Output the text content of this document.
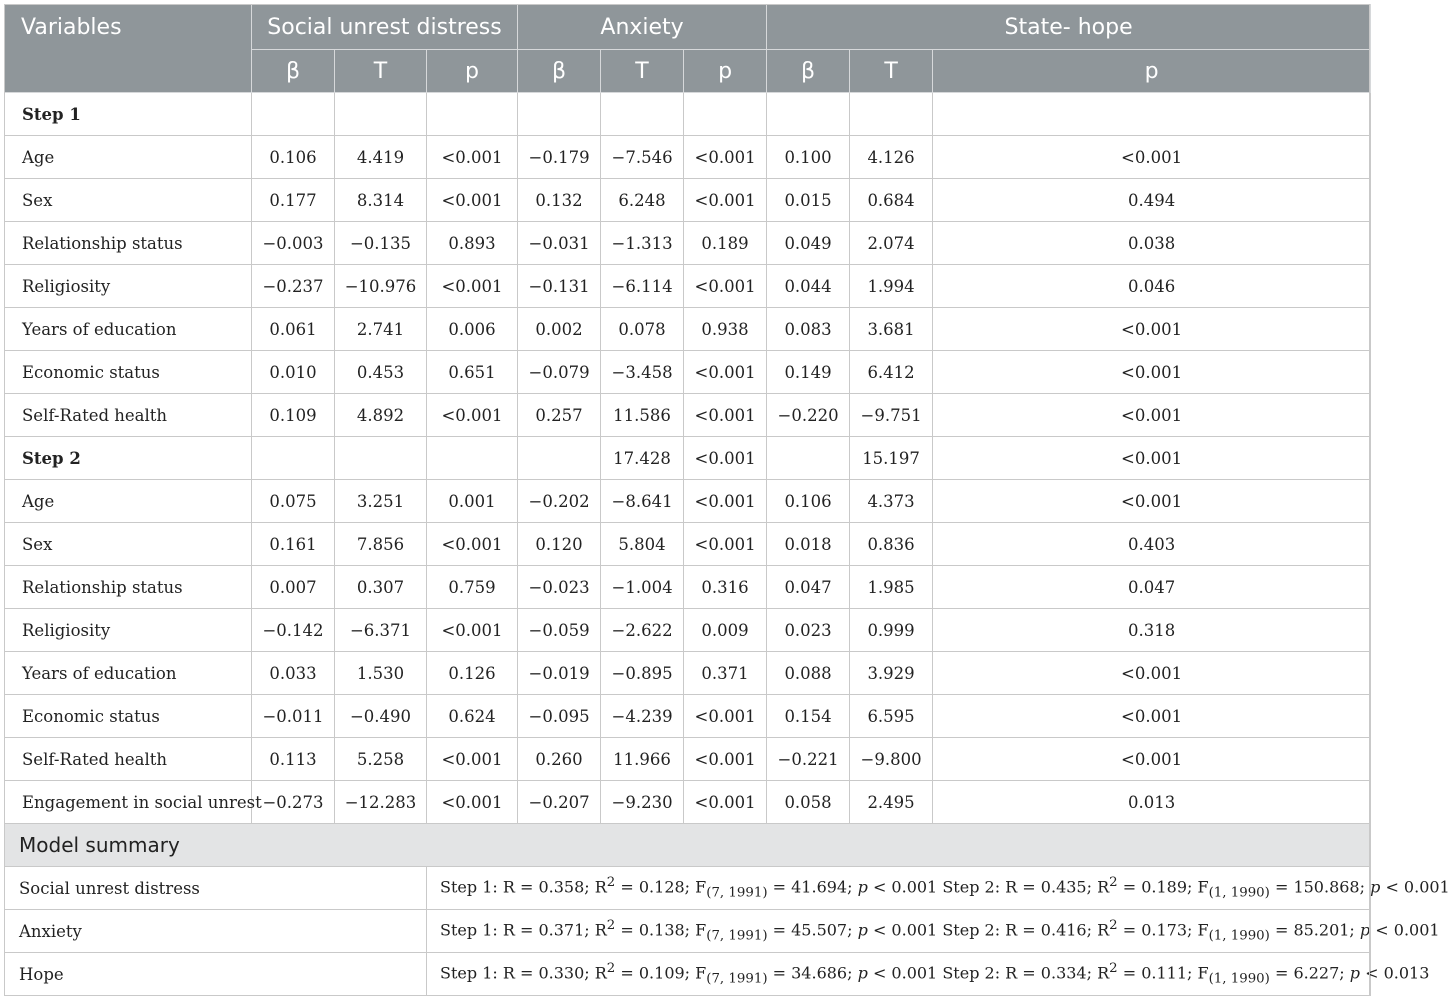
Variables	Social unrest distress			Anxiety			State- hope		
	β	T	p	β	T	p	β	T	p
Step 1									
Age	0.106	4.419	<0.001	−0.179	−7.546	<0.001	0.100	4.126	<0.001
Sex	0.177	8.314	<0.001	0.132	6.248	<0.001	0.015	0.684	0.494
Relationship status	−0.003	−0.135	0.893	−0.031	−1.313	0.189	0.049	2.074	0.038
Religiosity	−0.237	−10.976	<0.001	−0.131	−6.114	<0.001	0.044	1.994	0.046
Years of education	0.061	2.741	0.006	0.002	0.078	0.938	0.083	3.681	<0.001
Economic status	0.010	0.453	0.651	−0.079	−3.458	<0.001	0.149	6.412	<0.001
Self-Rated health	0.109	4.892	<0.001	0.257	11.586	<0.001	−0.220	−9.751	<0.001
Step 2					17.428	<0.001		15.197	<0.001
Age	0.075	3.251	0.001	−0.202	−8.641	<0.001	0.106	4.373	<0.001
Sex	0.161	7.856	<0.001	0.120	5.804	<0.001	0.018	0.836	0.403
Relationship status	0.007	0.307	0.759	−0.023	−1.004	0.316	0.047	1.985	0.047
Religiosity	−0.142	−6.371	<0.001	−0.059	−2.622	0.009	0.023	0.999	0.318
Years of education	0.033	1.530	0.126	−0.019	−0.895	0.371	0.088	3.929	<0.001
Economic status	−0.011	−0.490	0.624	−0.095	−4.239	<0.001	0.154	6.595	<0.001
Self-Rated health	0.113	5.258	<0.001	0.260	11.966	<0.001	−0.221	−9.800	<0.001
Engagement in social unrest	−0.273	−12.283	<0.001	−0.207	−9.230	<0.001	0.058	2.495	0.013
Model summary									
Social unrest distress			Step 1: R = 0.358; $R^2 = 0.128$; $F_{(7, 1991)} = 41.694$; p < 0.001 Step 2: R = 0.435; $R^2 = 0.189$; $F_{(1, 1990)} = 150.868$; p < 0.001						
Anxiety			Step 1: R = 0.371; $R^2 = 0.138$; $F_{(7, 1991)} = 45.507$; p < 0.001 Step 2: R = 0.416; $R^2 = 0.173$; $F_{(1, 1990)} = 85.201$; p < 0.001						
Hope			Step 1: R = 0.330; $R^2 = 0.109$; $F_{(7, 1991)} = 34.686$; p < 0.001 Step 2: R = 0.334; $R^2 = 0.111$; $F_{(1, 1990)} = 6.227$; p < 0.013						
